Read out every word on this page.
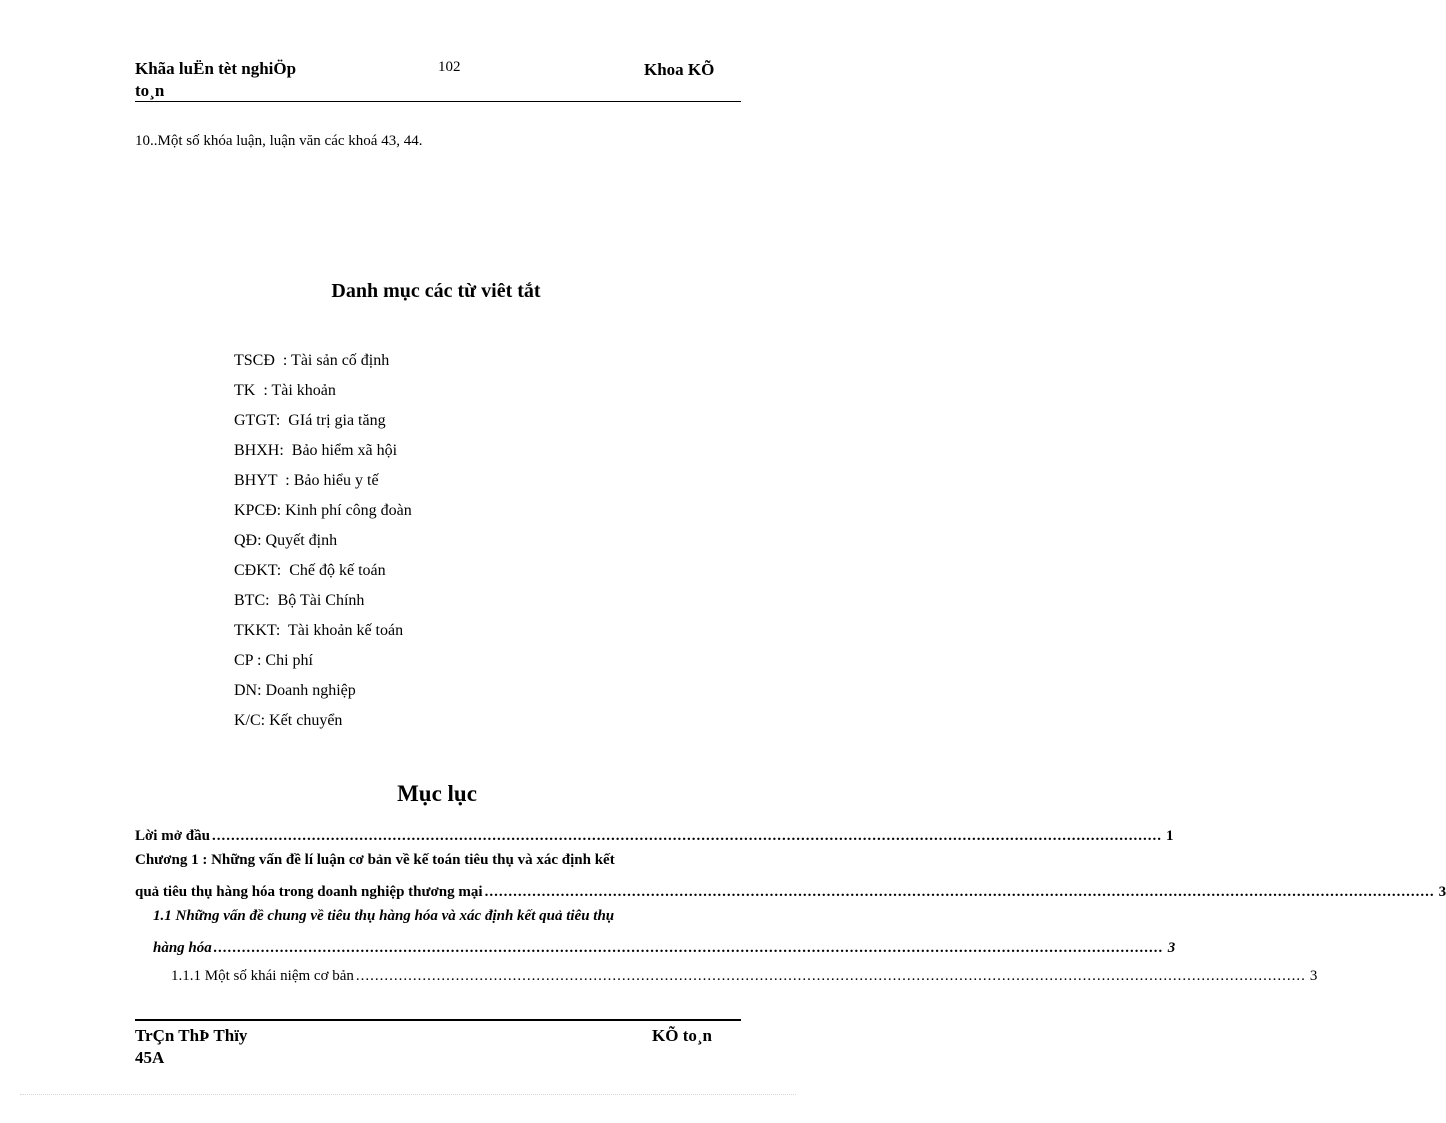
Khãa luËn tèt nghiÖp
to¸n
102	Khoa KÕ
10..Một số khóa luận, luận văn các khoá 43, 44.
Danh mục các từ viêt tắt
TSCĐ  : Tài sản cố định
TK  : Tài khoản
GTGT:  GIá trị gia tăng
BHXH:  Bảo hiểm xã hội
BHYT  : Bảo hiểu y tế
KPCĐ: Kinh phí công đoàn
QĐ: Quyết định
CĐKT:  Chế độ kế toán
BTC:  Bộ Tài Chính
TKKT:  Tài khoản kế toán
CP : Chi phí
DN: Doanh nghiệp
K/C: Kết chuyển
Mục lục
Lời mở đầu ........................................................................................................................................................................................................ 1
Chương 1 : Những vấn đề lí luận cơ bản về kế toán tiêu thụ và xác định kết
quả tiêu thụ hàng hóa trong doanh nghiệp thương mại ........................................................................................................................................................................................................ 3
1.1 Những vấn đề chung về tiêu thụ hàng hóa và xác định kết quả tiêu thụ
hàng hóa ........................................................................................................................................................................................................ 3
1.1.1 Một số khái niệm cơ bản ........................................................................................................................................................................................................ 3
TrÇn ThÞ Thïy
45A
KÕ to¸n
